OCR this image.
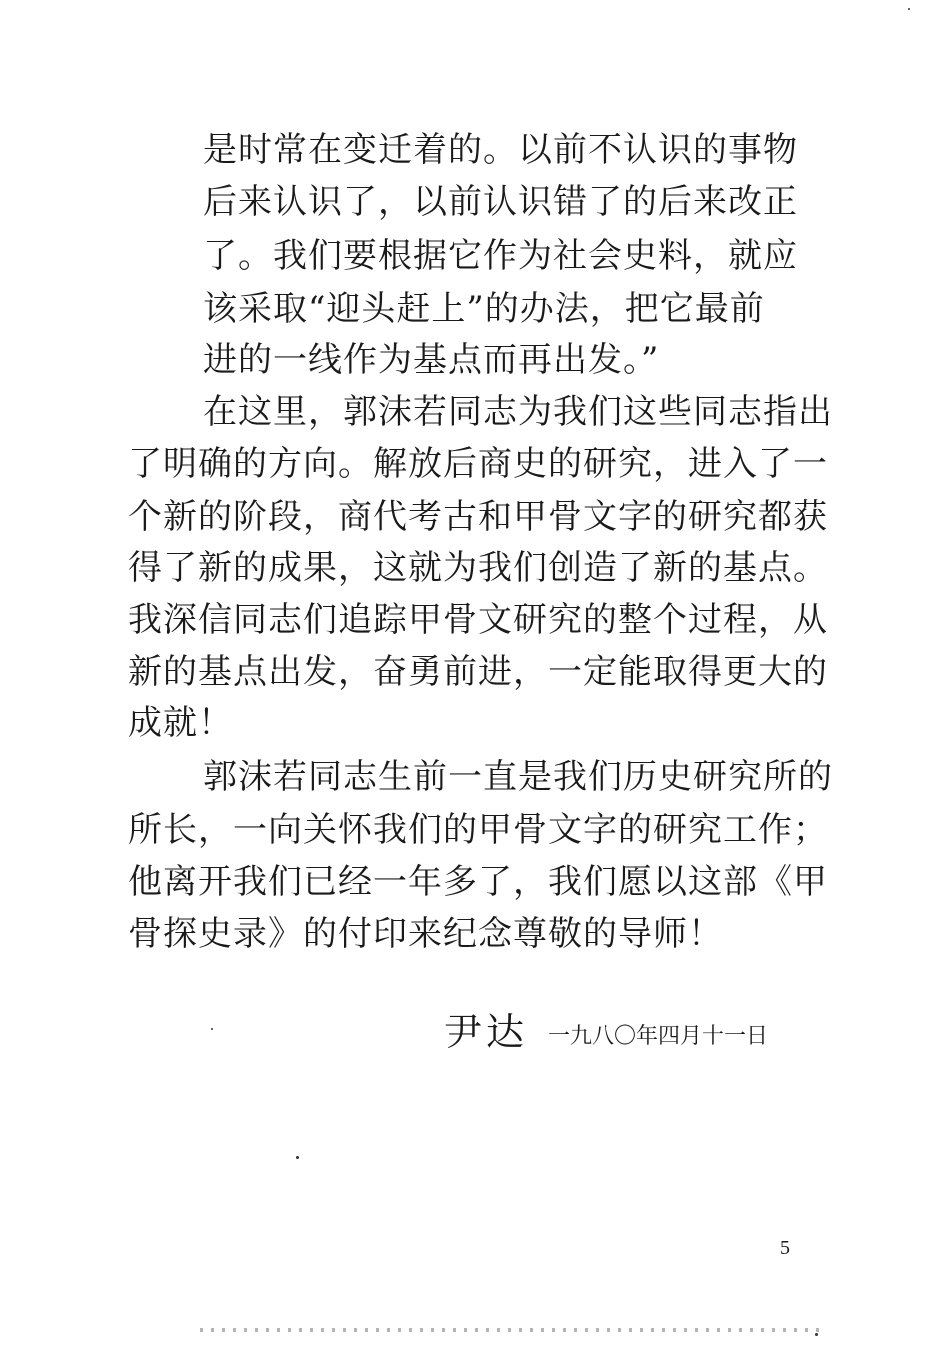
是时常在变迁着的。以前不认识的事物
后来认识了，以前认识错了的后来改正
了。我们要根据它作为社会史料，就应
该采取“迎头赶上”的办法，把它最前
进的一线作为基点而再出发。”
在这里，郭沫若同志为我们这些同志指出
了明确的方向。解放后商史的研究，进入了一
个新的阶段，商代考古和甲骨文字的研究都获
得了新的成果，这就为我们创造了新的基点。
我深信同志们追踪甲骨文研究的整个过程，从
新的基点出发，奋勇前进，一定能取得更大的
成就！
郭沫若同志生前一直是我们历史研究所的
所长，一向关怀我们的甲骨文字的研究工作；
他离开我们已经一年多了，我们愿以这部《甲
骨探史录》的付印来纪念尊敬的导师！
尹达 一九八〇年四月十一日
5
